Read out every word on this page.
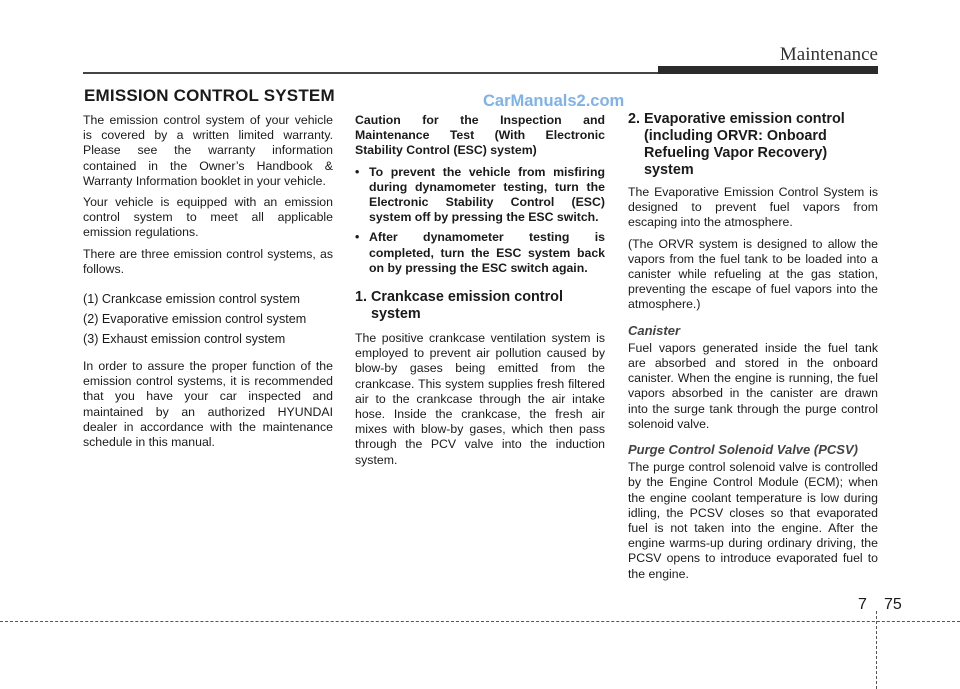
Maintenance
EMISSION CONTROL SYSTEM	CarManuals2.com

The emission control system of your vehicle is covered by a written limited warranty. Please see the warranty information contained in the Owner’s Handbook & Warranty Information booklet in your vehicle.

Your vehicle is equipped with an emission control system to meet all applicable emission regulations.

There are three emission control systems, as follows.

(1) Crankcase emission control system
(2) Evaporative emission control system
(3) Exhaust emission control system

In order to assure the proper function of the emission control systems, it is recommended that you have your car inspected and maintained by an authorized HYUNDAI dealer in accordance with the maintenance schedule in this manual.

Caution for the Inspection and Maintenance Test (With Electronic Stability Control (ESC) system)

• To prevent the vehicle from misfiring during dynamometer testing, turn the Electronic Stability Control (ESC) system off by pressing the ESC switch.
• After dynamometer testing is completed, turn the ESC system back on by pressing the ESC switch again.
1. Crankcase emission control system

The positive crankcase ventilation system is employed to prevent air pollution caused by blow-by gases being emitted from the crankcase. This system supplies fresh filtered air to the crankcase through the air intake hose. Inside the crankcase, the fresh air mixes with blow-by gases, which then pass through the PCV valve into the induction system.

2. Evaporative emission control (including ORVR: Onboard Refueling Vapor Recovery) system

The Evaporative Emission Control System is designed to prevent fuel vapors from escaping into the atmosphere.

(The ORVR system is designed to allow the vapors from the fuel tank to be loaded into a canister while refueling at the gas station, preventing the escape of fuel vapors into the atmosphere.)

Canister

Fuel vapors generated inside the fuel tank are absorbed and stored in the onboard canister. When the engine is running, the fuel vapors absorbed in the canister are drawn into the surge tank through the purge control solenoid valve.

Purge Control Solenoid Valve (PCSV)

The purge control solenoid valve is controlled by the Engine Control Module (ECM); when the engine coolant temperature is low during idling, the PCSV closes so that evaporated fuel is not taken into the engine. After the engine warms-up during ordinary driving, the PCSV opens to introduce evaporated fuel to the engine.

7 75
